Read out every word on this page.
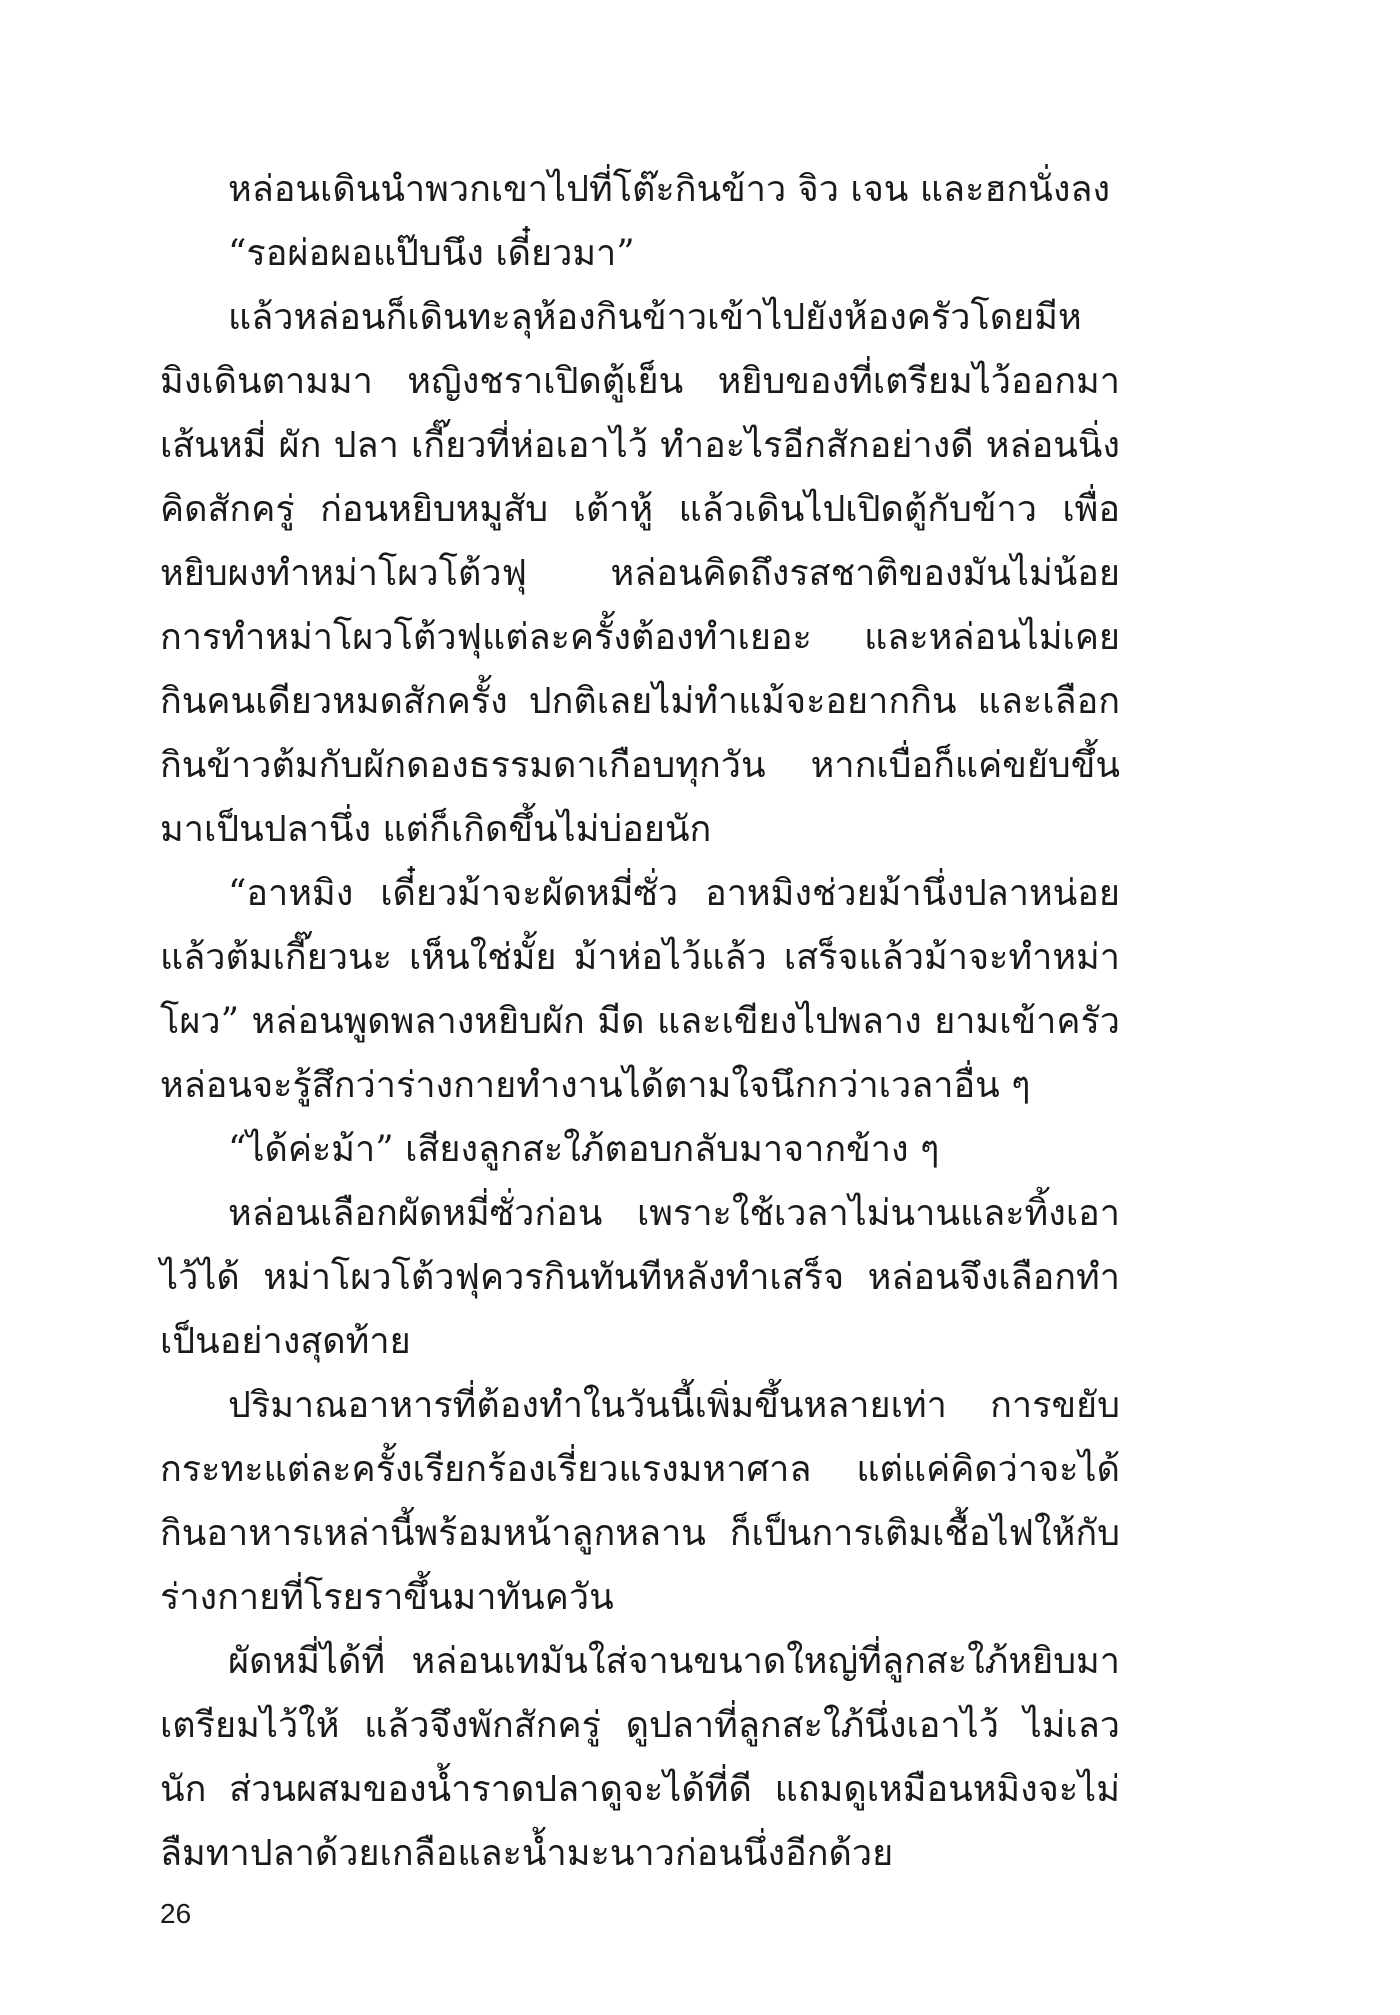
หล่อนเดินนำพวกเขาไปที่โต๊ะกินข้าว จิว เจน และฮกนั่งลง

“รอผ่อผอแป๊บนึง เดี๋ยวมา”

แล้วหล่อนก็เดินทะลุห้องกินข้าวเข้าไปยังห้องครัวโดยมีหมิงเดินตามมา หญิงชราเปิดตู้เย็น หยิบของที่เตรียมไว้ออกมา เส้นหมี่ ผัก ปลา เกี๊ยวที่ห่อเอาไว้ ทำอะไรอีกสักอย่างดี หล่อนนิ่งคิดสักครู่ ก่อนหยิบหมูสับ เต้าหู้ แล้วเดินไปเปิดตู้กับข้าว เพื่อหยิบผงทำหม่าโผวโต้วฟุ หล่อนคิดถึงรสชาติของมันไม่น้อย การทำหม่าโผวโต้วฟุแต่ละครั้งต้องทำเยอะ และหล่อนไม่เคยกินคนเดียวหมดสักครั้ง ปกติเลยไม่ทำแม้จะอยากกิน และเลือกกินข้าวต้มกับผักดองธรรมดาเกือบทุกวัน หากเบื่อก็แค่ขยับขึ้นมาเป็นปลานึ่ง แต่ก็เกิดขึ้นไม่บ่อยนัก

“อาหมิง เดี๋ยวม้าจะผัดหมี่ซั่ว อาหมิงช่วยม้านึ่งปลาหน่อยแล้วต้มเกี๊ยวนะ เห็นใช่มั้ย ม้าห่อไว้แล้ว เสร็จแล้วม้าจะทำหม่าโผว” หล่อนพูดพลางหยิบผัก มีด และเขียงไปพลาง ยามเข้าครัว หล่อนจะรู้สึกว่าร่างกายทำงานได้ตามใจนึกกว่าเวลาอื่น ๆ

“ได้ค่ะม้า” เสียงลูกสะใภ้ตอบกลับมาจากข้าง ๆ

หล่อนเลือกผัดหมี่ซั่วก่อน เพราะใช้เวลาไม่นานและทิ้งเอาไว้ได้ หม่าโผวโต้วฟุควรกินทันทีหลังทำเสร็จ หล่อนจึงเลือกทำเป็นอย่างสุดท้าย

ปริมาณอาหารที่ต้องทำในวันนี้เพิ่มขึ้นหลายเท่า การขยับกระทะแต่ละครั้งเรียกร้องเรี่ยวแรงมหาศาล แต่แค่คิดว่าจะได้กินอาหารเหล่านี้พร้อมหน้าลูกหลาน ก็เป็นการเติมเชื้อไฟให้กับร่างกายที่โรยราขึ้นมาทันควัน

ผัดหมี่ได้ที่ หล่อนเทมันใส่จานขนาดใหญ่ที่ลูกสะใภ้หยิบมาเตรียมไว้ให้ แล้วจึงพักสักครู่ ดูปลาที่ลูกสะใภ้นึ่งเอาไว้ ไม่เลวนัก ส่วนผสมของน้ำราดปลาดูจะได้ที่ดี แถมดูเหมือนหมิงจะไม่ลืมทาปลาด้วยเกลือและน้ำมะนาวก่อนนึ่งอีกด้วย

26
